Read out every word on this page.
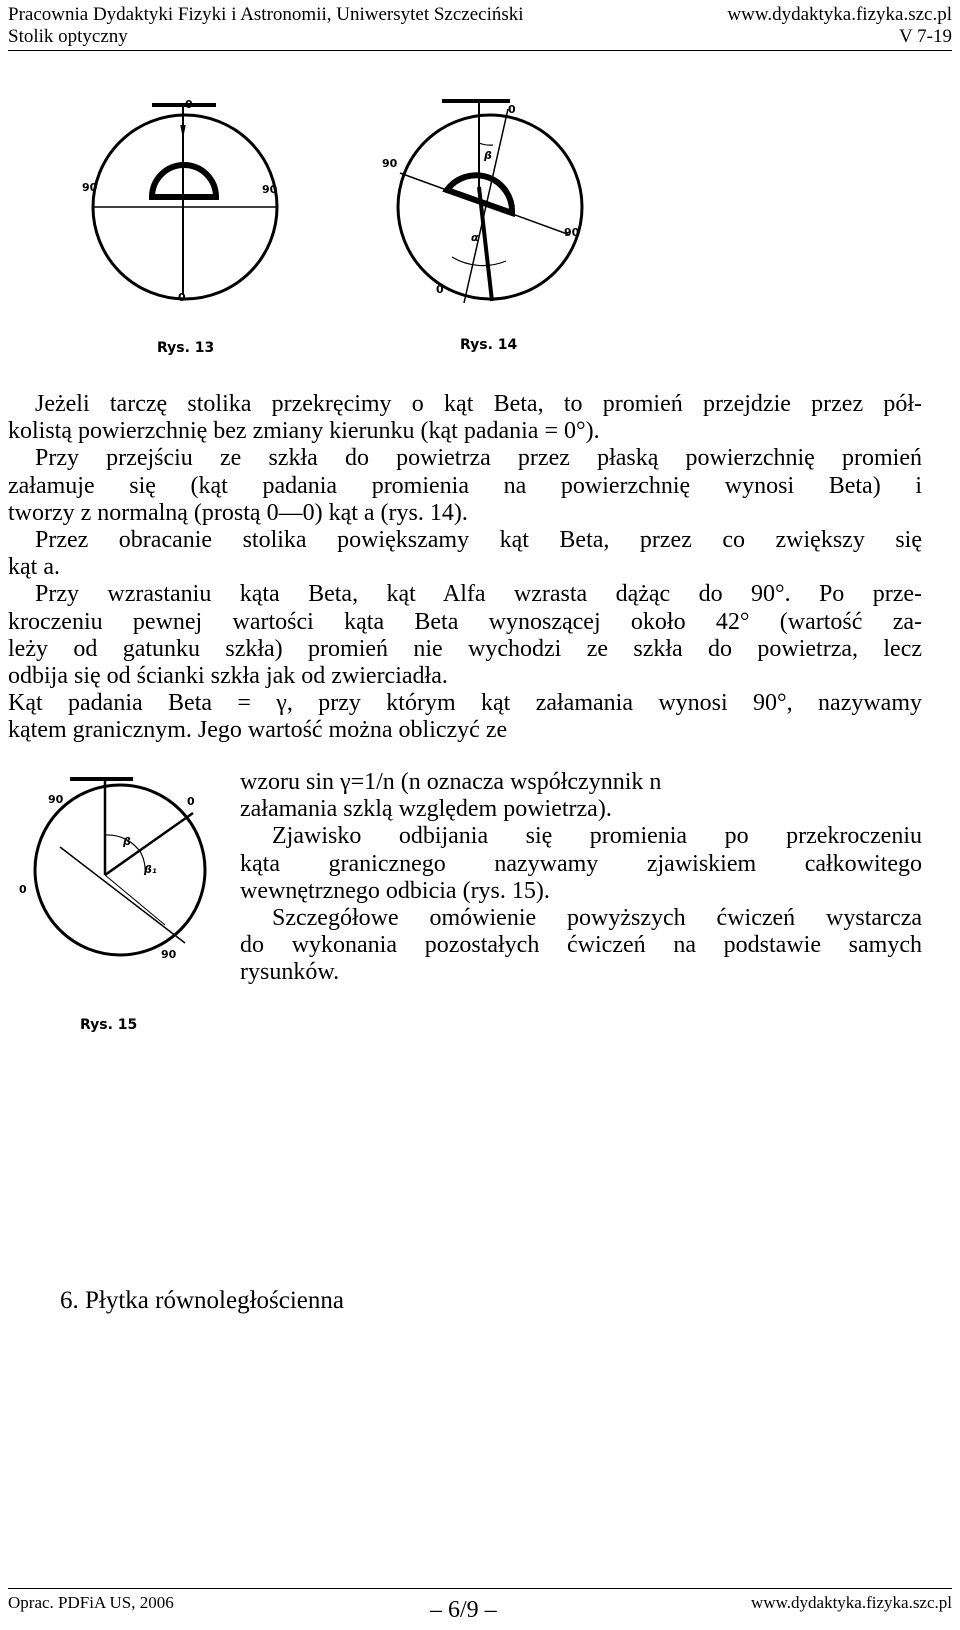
Pracownia Dydaktyki Fizyki i Astronomii, Uniwersytet Szczeciński	www.dydaktyka.fizyka.szc.pl
Stolik optyczny	V 7-19
0
90	90
0
Rys. 13
0
90
90
0
β
α
Rys. 14
90	0
0
90
β
β₁
Rys. 15
Jeżeli tarczę stolika przekręcimy o kąt Beta, to promień przejdzie przez pół-
kolistą powierzchnię bez zmiany kierunku (kąt padania = 0°).
Przy przejściu ze szkła do powietrza przez płaską powierzchnię promień
załamuje się (kąt padania promienia na powierzchnię wynosi Beta) i
tworzy z normalną (prostą 0—0) kąt a (rys. 14).
Przez obracanie stolika powiększamy kąt Beta, przez co zwiększy się
kąt a.
Przy wzrastaniu kąta Beta, kąt Alfa wzrasta dążąc do 90°. Po prze-
kroczeniu pewnej wartości kąta Beta wynoszącej około 42° (wartość za-
leży od gatunku szkła) promień nie wychodzi ze szkła do powietrza, lecz
odbija się od ścianki szkła jak od zwierciadła.
Kąt padania Beta = γ, przy którym kąt załamania wynosi 90°, nazywamy
kątem granicznym. Jego wartość można obliczyć ze
wzoru sin γ=1/n (n oznacza współczynnik n
załamania szklą względem powietrza).
Zjawisko odbijania się promienia po przekroczeniu
kąta granicznego nazywamy zjawiskiem całkowitego
wewnętrznego odbicia (rys. 15).
Szczegółowe omówienie powyższych ćwiczeń wystarcza
do wykonania pozostałych ćwiczeń na podstawie samych
rysunków.
6. Płytka równoległościenna
Oprac. PDFiA US, 2006	– 6/9 –	www.dydaktyka.fizyka.szc.pl
